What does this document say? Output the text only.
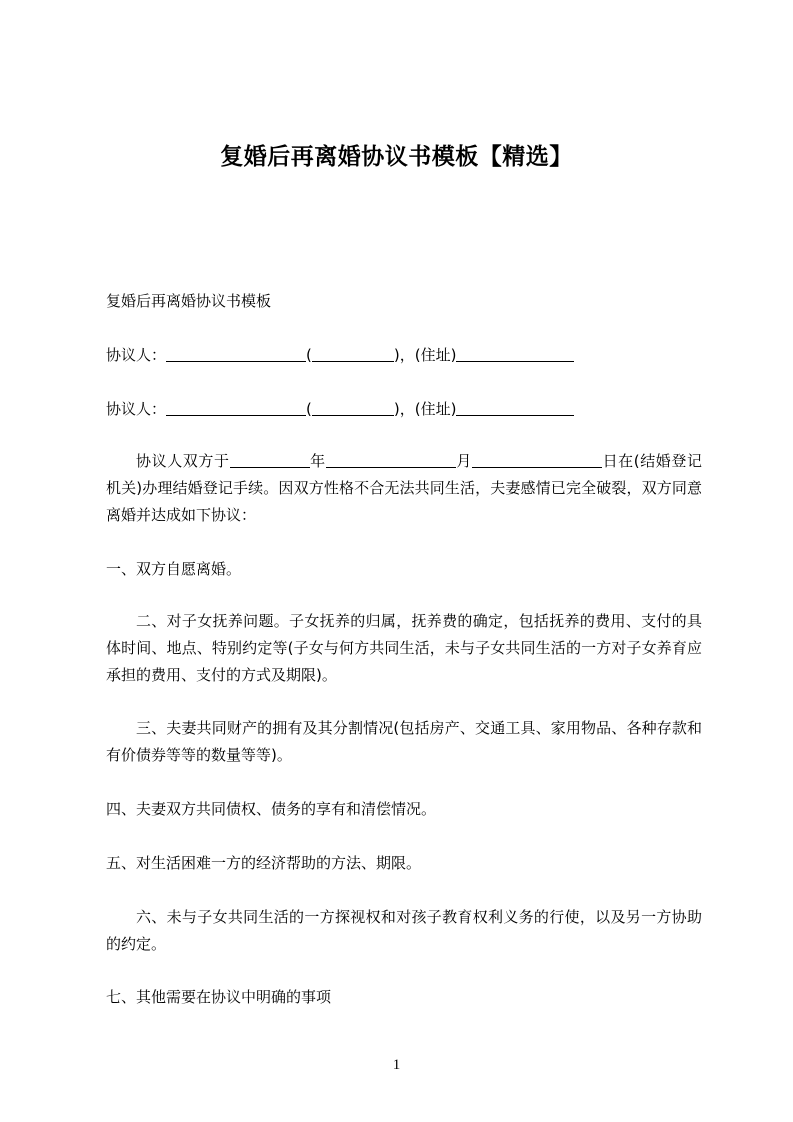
复婚后再离婚协议书模板【精选】
复婚后再离婚协议书模板
协议人：	(	)，(住址)
协议人：	(	)，(住址)
协议人双方于	年	月	日在(结婚登记机关)办理结婚登记手续。因双方性格不合无法共同生活，夫妻感情已完全破裂，双方同意离婚并达成如下协议：
一、双方自愿离婚。
二、对子女抚养问题。子女抚养的归属，抚养费的确定，包括抚养的费用、支付的具体时间、地点、特别约定等(子女与何方共同生活，未与子女共同生活的一方对子女养育应承担的费用、支付的方式及期限)。
三、夫妻共同财产的拥有及其分割情况(包括房产、交通工具、家用物品、各种存款和有价债券等等的数量等等)。
四、夫妻双方共同债权、债务的享有和清偿情况。
五、对生活困难一方的经济帮助的方法、期限。
六、未与子女共同生活的一方探视权和对孩子教育权利义务的行使，以及另一方协助的约定。
七、其他需要在协议中明确的事项
1
